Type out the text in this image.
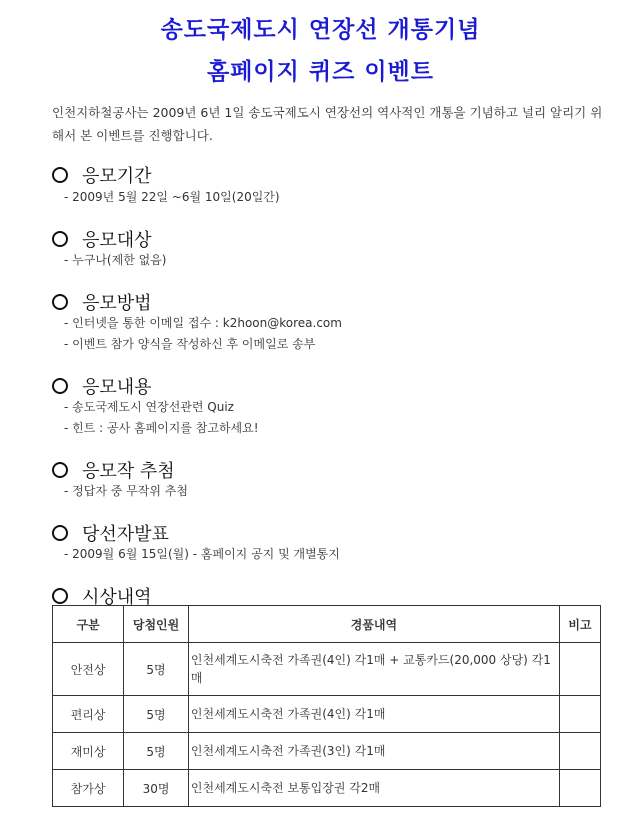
송도국제도시 연장선 개통기념
홈페이지 퀴즈 이벤트
인천지하철공사는 2009년 6년 1일 송도국제도시 연장선의 역사적인 개통을 기념하고 널리 알리기 위해서 본 이벤트를 진행합니다.
응모기간
- 2009년 5월 22일 ~6월 10일(20일간)
응모대상
- 누구나(제한 없음)
응모방법
- 인터넷을 통한 이메일 접수 : k2hoon@korea.com
- 이벤트 참가 양식을 작성하신 후 이메일로 송부
응모내용
- 송도국제도시 연장선관련 Quiz
- 힌트 : 공사 홈페이지를 참고하세요!
응모작 추첨
- 정답자 중 무작위 추첨
당선자발표
- 2009월 6월 15일(월) - 홈페이지 공지 및 개별통지
시상내역
구분	당첨인원	경품내역	비고
안전상	5명	인천세계도시축전 가족권(4인) 각1매 + 교통카드(20,000 상당) 각1매	
편리상	5명	인천세계도시축전 가족권(4인) 각1매	
재미상	5명	인천세계도시축전 가족권(3인) 각1매	
참가상	30명	인천세계도시축전 보통입장권 각2매	
